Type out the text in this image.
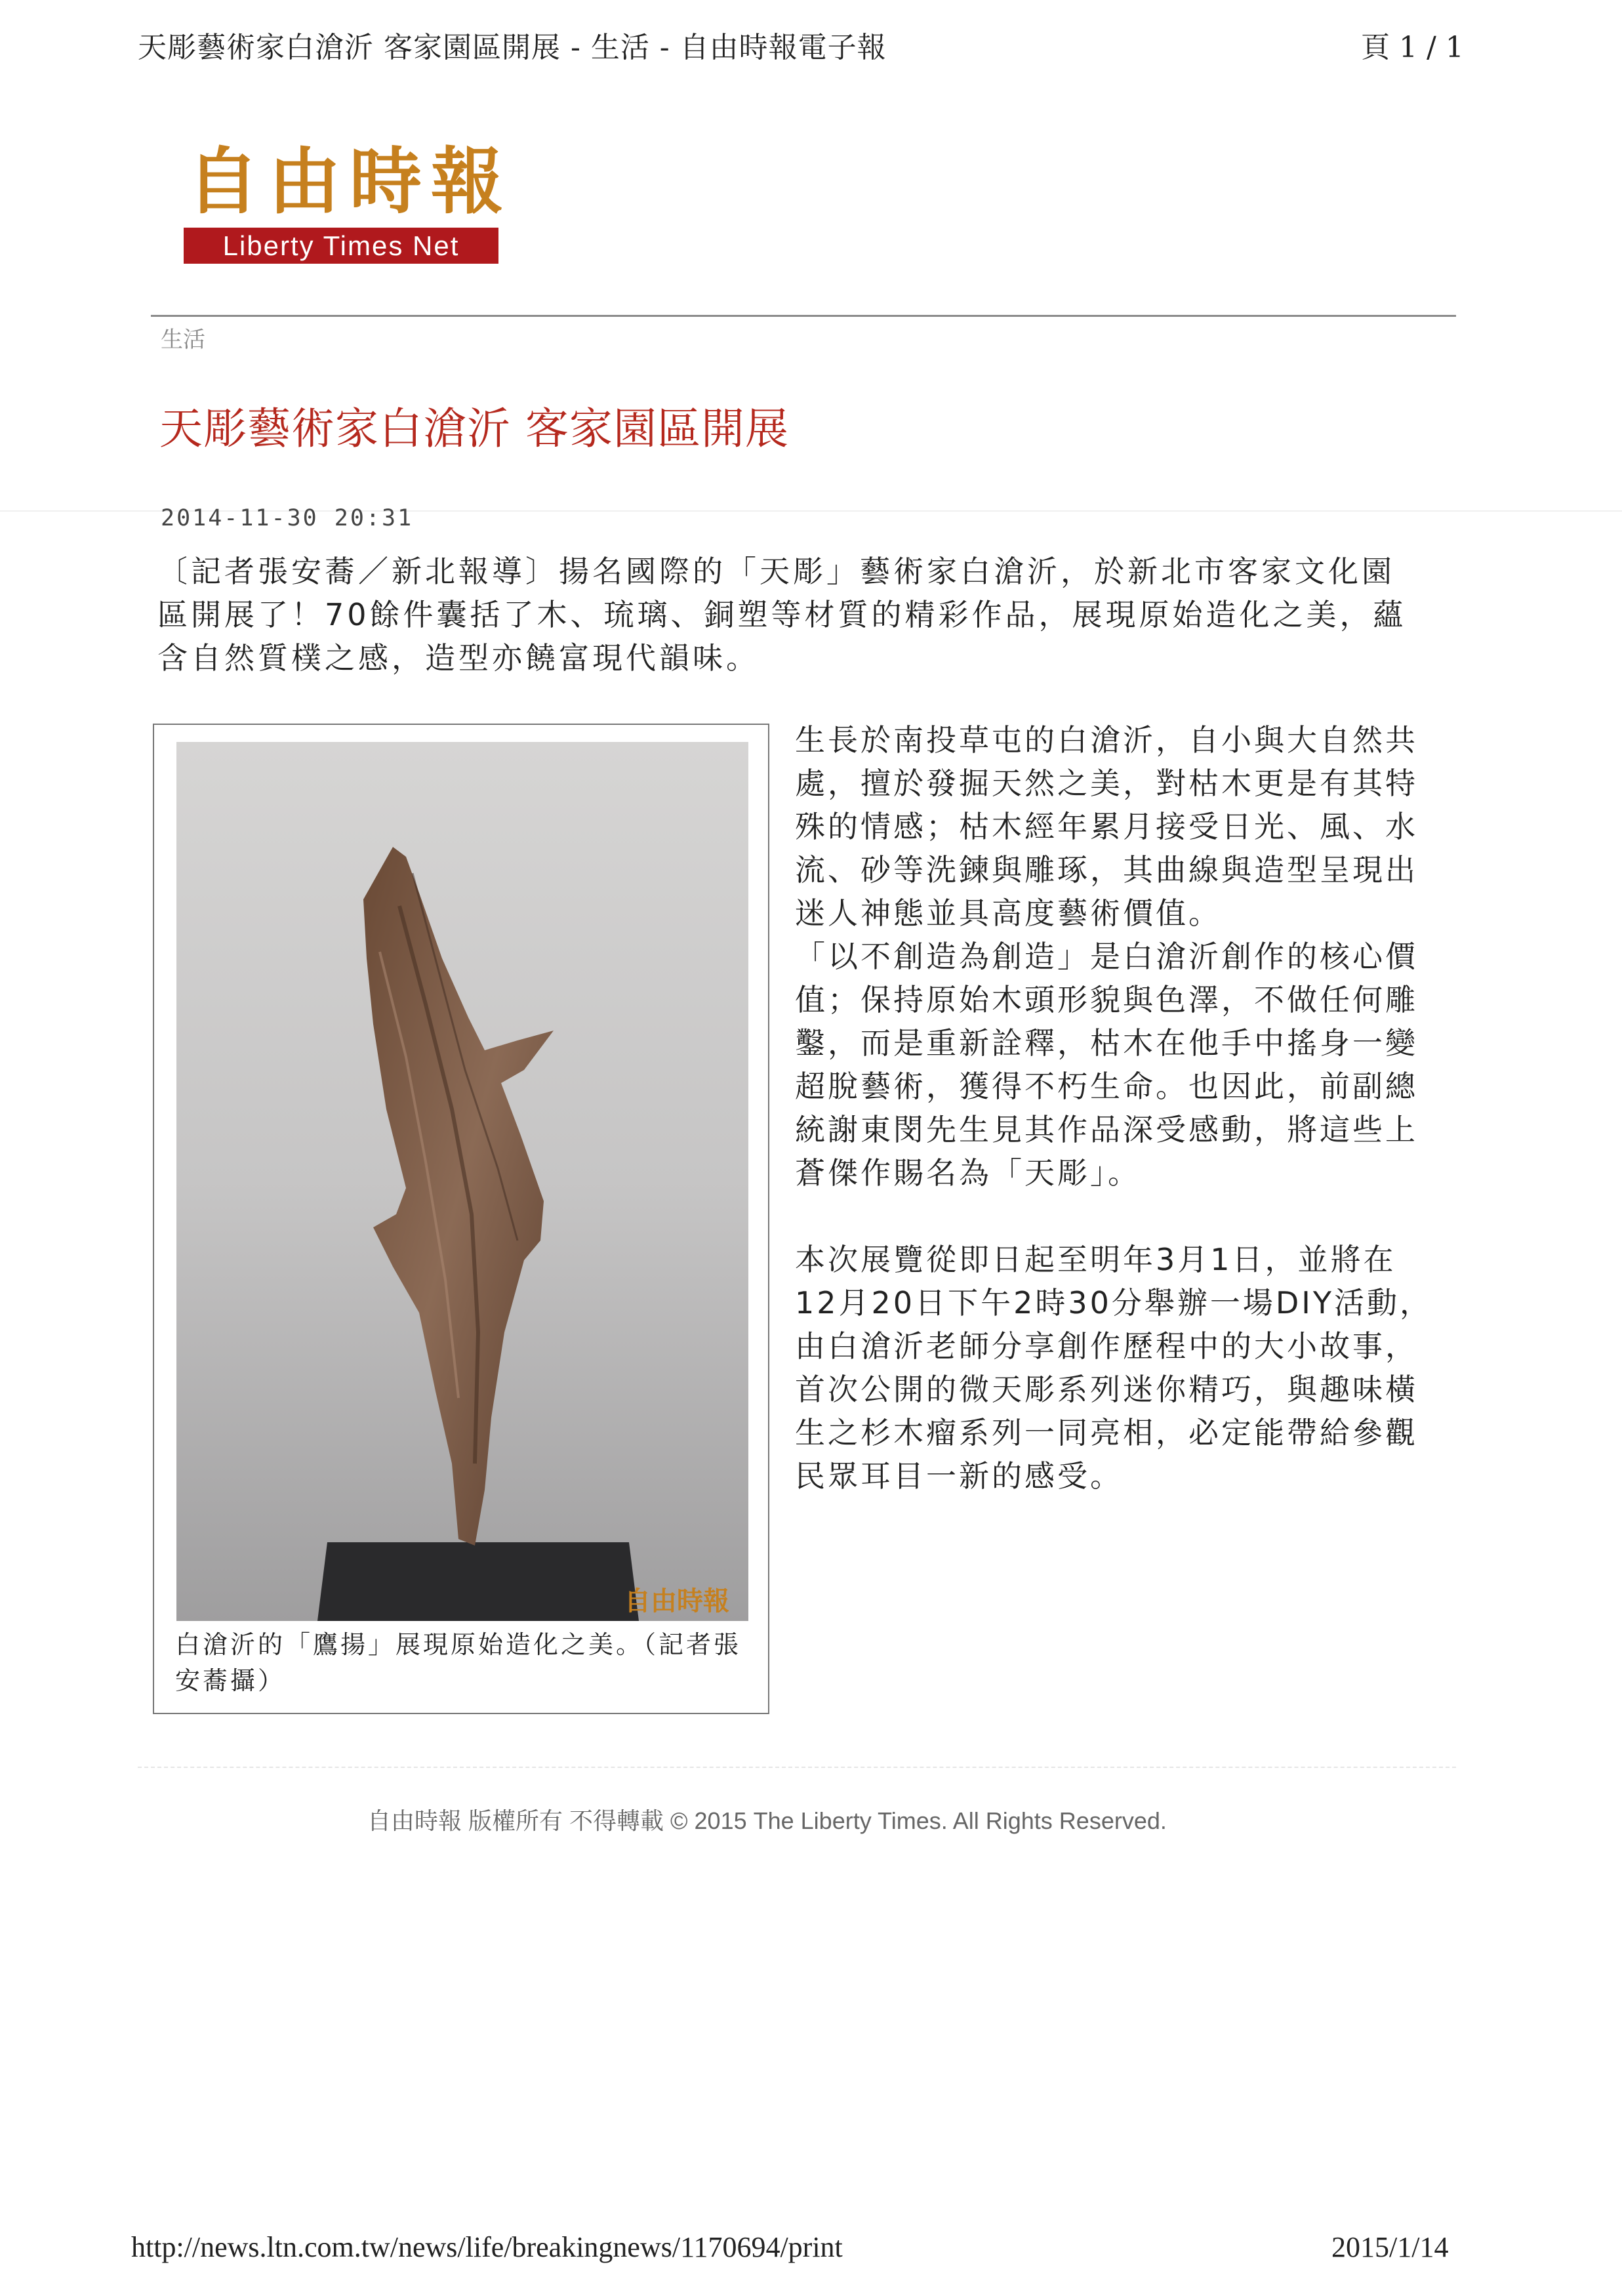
天彫藝術家白滄沂 客家園區開展 - 生活 - 自由時報電子報	頁 1 / 1
自由時報
Liberty Times Net
生活
天彫藝術家白滄沂 客家園區開展
2014-11-30 20:31
〔記者張安蕎／新北報導〕揚名國際的「天彫」藝術家白滄沂，於新北市客家文化園區開展了！70餘件囊括了木、琉璃、銅塑等材質的精彩作品，展現原始造化之美，蘊含自然質樸之感，造型亦饒富現代韻味。
自由時報
白滄沂的「鷹揚」展現原始造化之美。（記者張安蕎攝）

生長於南投草屯的白滄沂，自小與大自然共處，擅於發掘天然之美，對枯木更是有其特殊的情感；枯木經年累月接受日光、風、水流、砂等洗鍊與雕琢，其曲線與造型呈現出迷人神態並具高度藝術價值。

「以不創造為創造」是白滄沂創作的核心價值；保持原始木頭形貌與色澤，不做任何雕鑿，而是重新詮釋，枯木在他手中搖身一變超脫藝術，獲得不朽生命。也因此，前副總統謝東閔先生見其作品深受感動，將這些上蒼傑作賜名為「天彫」。

本次展覽從即日起至明年3月1日，並將在12月20日下午2時30分舉辦一場DIY活動，由白滄沂老師分享創作歷程中的大小故事，首次公開的微天彫系列迷你精巧，與趣味橫生之杉木瘤系列一同亮相，必定能帶給參觀民眾耳目一新的感受。

自由時報 版權所有 不得轉載 © 2015 The Liberty Times. All Rights Reserved.
http://news.ltn.com.tw/news/life/breakingnews/1170694/print	2015/1/14
